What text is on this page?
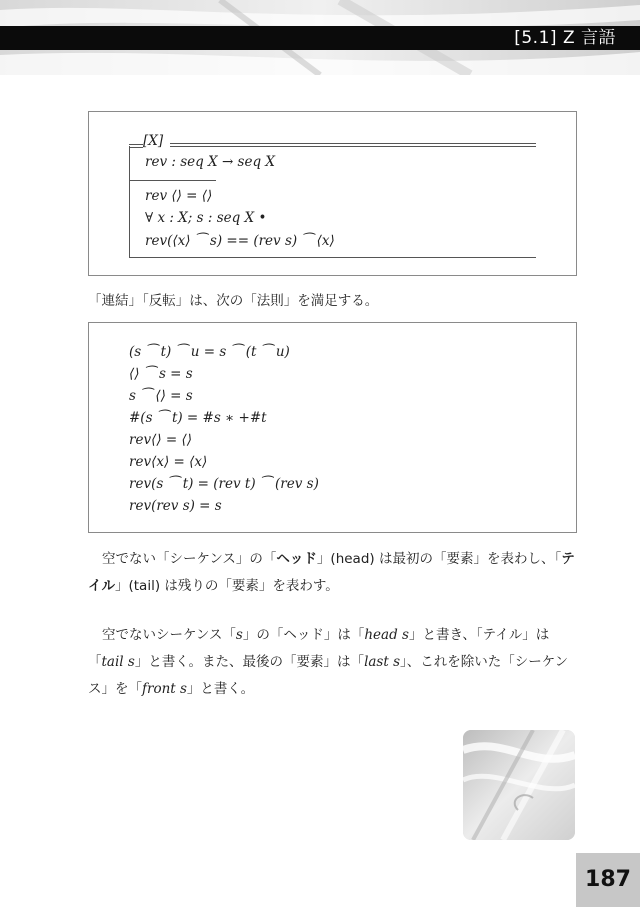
[5.1] Z 言語
[X]
rev : seq X → seq X
rev ⟨⟩ = ⟨⟩
∀ x : X; s : seq X •
rev(⟨x⟩ ⁀ s) == (rev s) ⁀ ⟨x⟩

「連結」「反転」は、次の「法則」を満足する。

(s ⁀ t) ⁀ u = s ⁀ (t ⁀ u)
⟨⟩ ⁀ s = s
s ⁀ ⟨⟩ = s
#(s ⁀ t) = #s ∗ +#t
rev⟨⟩ = ⟨⟩
rev⟨x⟩ = ⟨x⟩
rev(s ⁀ t) = (rev t) ⁀ (rev s)
rev(rev s) = s

空でない「シーケンス」の「ヘッド」(head) は最初の「要素」を表わし、「テイル」(tail) は残りの「要素」を表わす。

空でないシーケンス「s」の「ヘッド」は「head s」と書き、「テイル」は「tail s」と書く。また、最後の「要素」は「last s」、これを除いた「シーケンス」を「front s」と書く。

187
